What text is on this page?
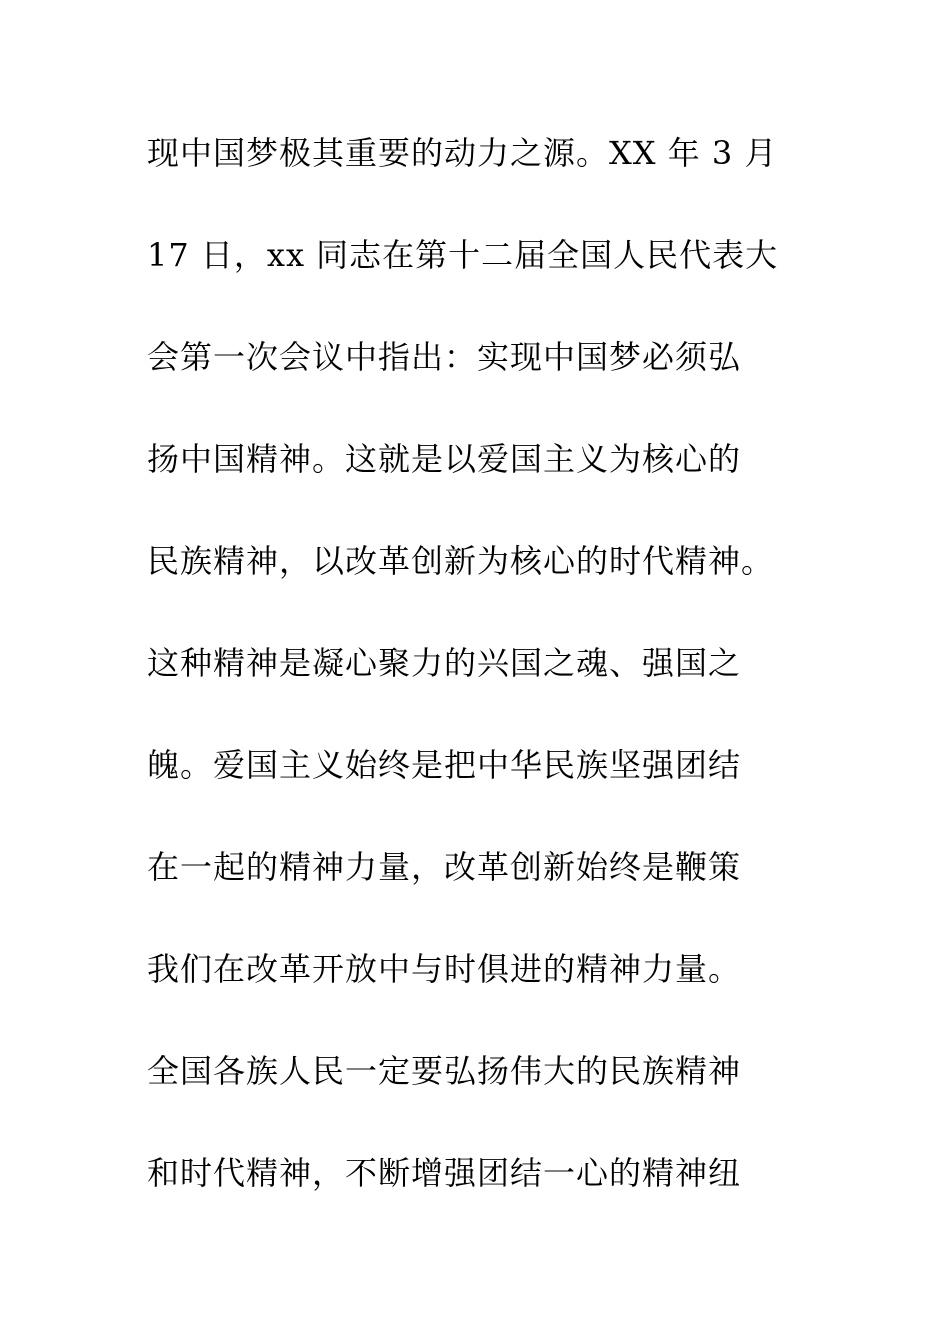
现中国梦极其重要的动力之源。XX 年 3 月
17 日，xx 同志在第十二届全国人民代表大
会第一次会议中指出：实现中国梦必须弘
扬中国精神。这就是以爱国主义为核心的
民族精神，以改革创新为核心的时代精神。
这种精神是凝心聚力的兴国之魂、强国之
魄。爱国主义始终是把中华民族坚强团结
在一起的精神力量，改革创新始终是鞭策
我们在改革开放中与时俱进的精神力量。
全国各族人民一定要弘扬伟大的民族精神
和时代精神，不断增强团结一心的精神纽
